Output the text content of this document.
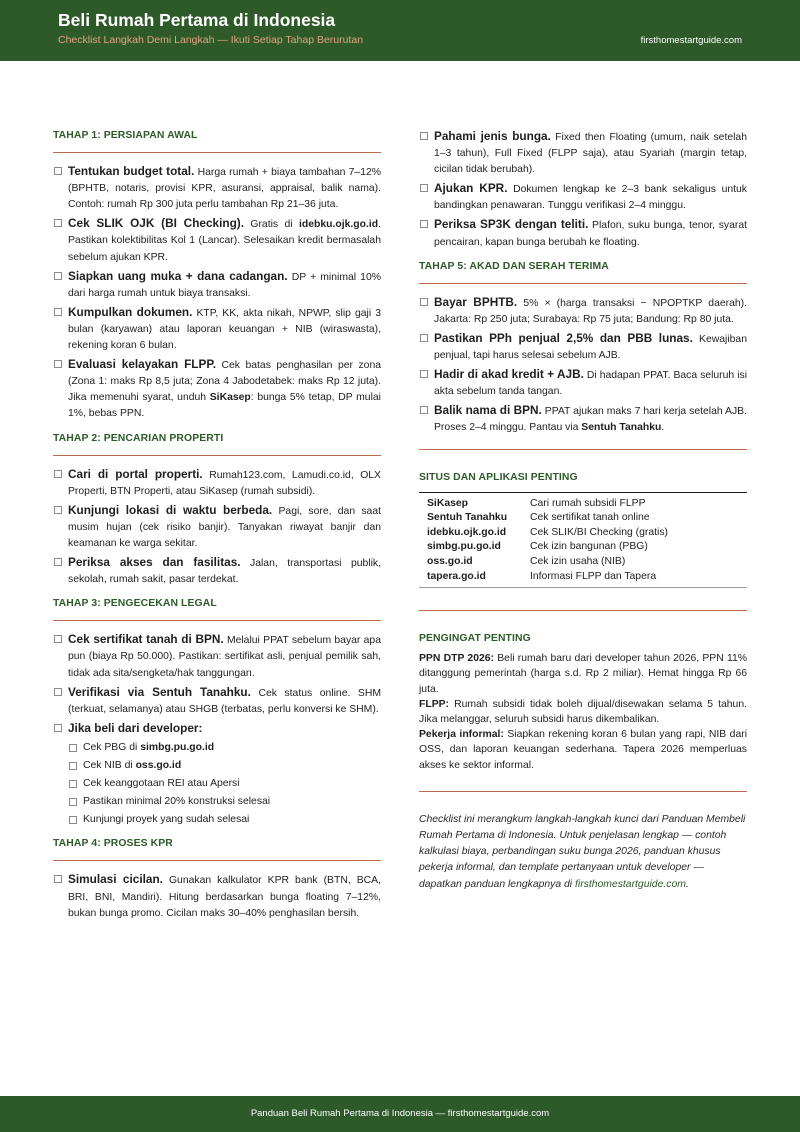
Beli Rumah Pertama di Indonesia
Checklist Langkah Demi Langkah — Ikuti Setiap Tahap Berurutan	firsthomestartguide.com
TAHAP 1: PERSIAPAN AWAL
Tentukan budget total. Harga rumah + biaya tambahan 7–12% (BPHTB, notaris, provisi KPR, asuransi, appraisal, balik nama). Contoh: rumah Rp 300 juta perlu tambahan Rp 21–36 juta.
Cek SLIK OJK (BI Checking). Gratis di idebku.ojk.go.id. Pastikan kolektibilitas Kol 1 (Lancar). Selesaikan kredit bermasalah sebelum ajukan KPR.
Siapkan uang muka + dana cadangan. DP + minimal 10% dari harga rumah untuk biaya transaksi.
Kumpulkan dokumen. KTP, KK, akta nikah, NPWP, slip gaji 3 bulan (karyawan) atau laporan keuangan + NIB (wiraswasta), rekening koran 6 bulan.
Evaluasi kelayakan FLPP. Cek batas penghasilan per zona (Zona 1: maks Rp 8,5 juta; Zona 4 Jabodetabek: maks Rp 12 juta). Jika memenuhi syarat, unduh SiKasep: bunga 5% tetap, DP mulai 1%, bebas PPN.
TAHAP 2: PENCARIAN PROPERTI
Cari di portal properti. Rumah123.com, Lamudi.co.id, OLX Properti, BTN Properti, atau SiKasep (rumah subsidi).
Kunjungi lokasi di waktu berbeda. Pagi, sore, dan saat musim hujan (cek risiko banjir). Tanyakan riwayat banjir dan keamanan ke warga sekitar.
Periksa akses dan fasilitas. Jalan, transportasi publik, sekolah, rumah sakit, pasar terdekat.
TAHAP 3: PENGECEKAN LEGAL
Cek sertifikat tanah di BPN. Melalui PPAT sebelum bayar apa pun (biaya Rp 50.000). Pastikan: sertifikat asli, penjual pemilik sah, tidak ada sita/sengketa/hak tanggungan.
Verifikasi via Sentuh Tanahku. Cek status online. SHM (terkuat, selamanya) atau SHGB (terbatas, perlu konversi ke SHM).
Jika beli dari developer:
Cek PBG di simbg.pu.go.id
Cek NIB di oss.go.id
Cek keanggotaan REI atau Apersi
Pastikan minimal 20% konstruksi selesai
Kunjungi proyek yang sudah selesai
TAHAP 4: PROSES KPR
Simulasi cicilan. Gunakan kalkulator KPR bank (BTN, BCA, BRI, BNI, Mandiri). Hitung berdasarkan bunga floating 7–12%, bukan bunga promo. Cicilan maks 30–40% penghasilan bersih.
Pahami jenis bunga. Fixed then Floating (umum, naik setelah 1–3 tahun), Full Fixed (FLPP saja), atau Syariah (margin tetap, cicilan tidak berubah).
Ajukan KPR. Dokumen lengkap ke 2–3 bank sekaligus untuk bandingkan penawaran. Tunggu verifikasi 2–4 minggu.
Periksa SP3K dengan teliti. Plafon, suku bunga, tenor, syarat pencairan, kapan bunga berubah ke floating.
TAHAP 5: AKAD DAN SERAH TERIMA
Bayar BPHTB. 5% × (harga transaksi − NPOPTKP daerah). Jakarta: Rp 250 juta; Surabaya: Rp 75 juta; Bandung: Rp 80 juta.
Pastikan PPh penjual 2,5% dan PBB lunas. Kewajiban penjual, tapi harus selesai sebelum AJB.
Hadir di akad kredit + AJB. Di hadapan PPAT. Baca seluruh isi akta sebelum tanda tangan.
Balik nama di BPN. PPAT ajukan maks 7 hari kerja setelah AJB. Proses 2–4 minggu. Pantau via Sentuh Tanahku.
SITUS DAN APLIKASI PENTING
SiKasep	Cari rumah subsidi FLPP
Sentuh Tanahku	Cek sertifikat tanah online
idebku.ojk.go.id	Cek SLIK/BI Checking (gratis)
simbg.pu.go.id	Cek izin bangunan (PBG)
oss.go.id	Cek izin usaha (NIB)
tapera.go.id	Informasi FLPP dan Tapera
PENGINGAT PENTING

PPN DTP 2026: Beli rumah baru dari developer tahun 2026, PPN 11% ditanggung pemerintah (harga s.d. Rp 2 miliar). Hemat hingga Rp 66 juta.

FLPP: Rumah subsidi tidak boleh dijual/disewakan selama 5 tahun. Jika melanggar, seluruh subsidi harus dikembalikan.

Pekerja informal: Siapkan rekening koran 6 bulan yang rapi, NIB dari OSS, dan laporan keuangan sederhana. Tapera 2026 memperluas akses ke sektor informal.

Checklist ini merangkum langkah-langkah kunci dari Panduan Membeli Rumah Pertama di Indonesia. Untuk penjelasan lengkap — contoh kalkulasi biaya, perbandingan suku bunga 2026, panduan khusus pekerja informal, dan template pertanyaan untuk developer — dapatkan panduan lengkapnya di firsthomestartguide.com.

Panduan Beli Rumah Pertama di Indonesia — firsthomestartguide.com
